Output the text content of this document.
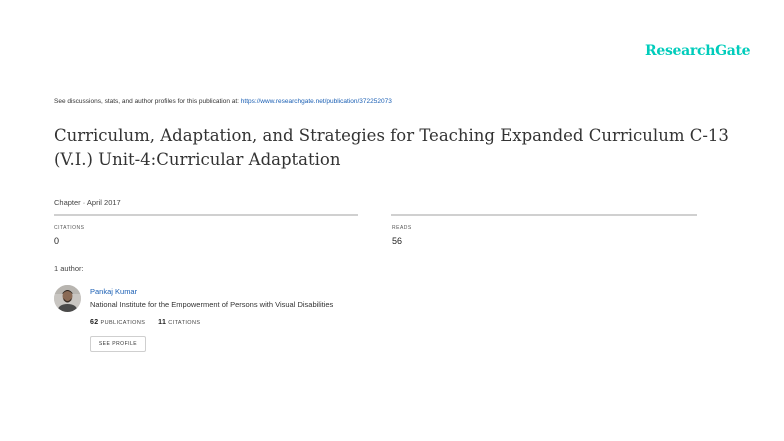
ResearchGate
See discussions, stats, and author profiles for this publication at: https://www.researchgate.net/publication/372252073
Curriculum, Adaptation, and Strategies for Teaching Expanded Curriculum C-13 (V.I.) Unit-4:Curricular Adaptation
Chapter · April 2017
CITATIONS
0
READS
56
1 author:
Pankaj Kumar
National Institute for the Empowerment of Persons with Visual Disabilities
62 PUBLICATIONS 11 CITATIONS
SEE PROFILE
